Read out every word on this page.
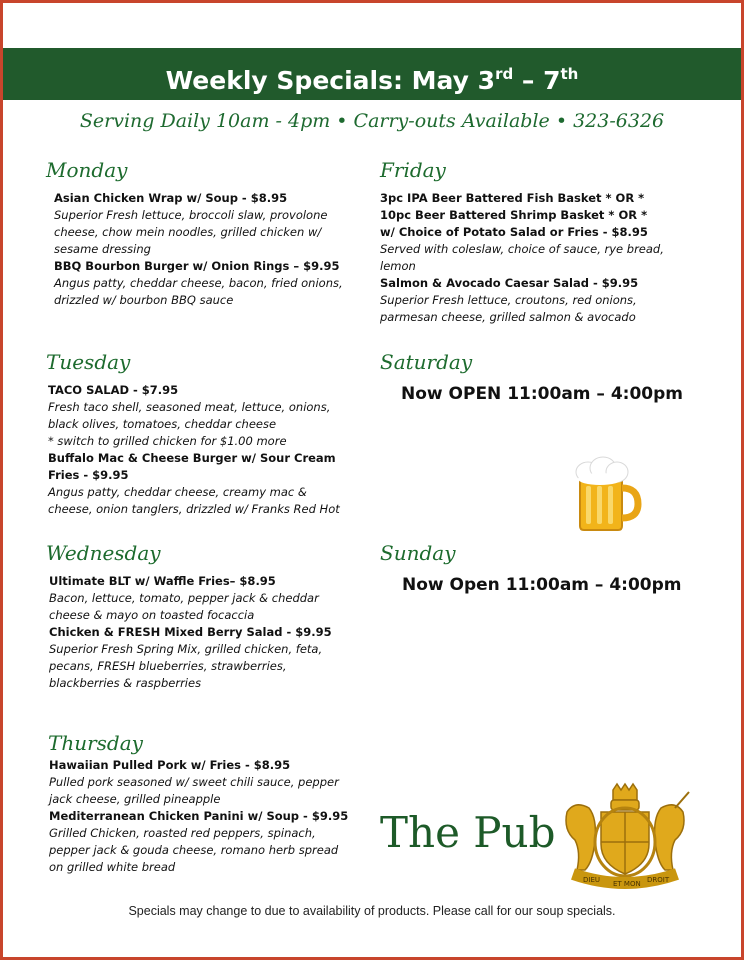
Weekly Specials: May 3rd – 7th
Serving Daily 10am - 4pm • Carry-outs Available • 323-6326
Monday
Asian Chicken Wrap w/ Soup - $8.95
Superior Fresh lettuce, broccoli slaw, provolone cheese, chow mein noodles, grilled chicken w/ sesame dressing
BBQ Bourbon Burger w/ Onion Rings – $9.95
Angus patty, cheddar cheese, bacon, fried onions, drizzled w/ bourbon BBQ sauce
Tuesday
TACO SALAD - $7.95
Fresh taco shell, seasoned meat, lettuce, onions, black olives, tomatoes, cheddar cheese
* switch to grilled chicken for $1.00 more
Buffalo Mac & Cheese Burger w/ Sour Cream Fries - $9.95
Angus patty, cheddar cheese, creamy mac & cheese, onion tanglers, drizzled w/ Franks Red Hot
Wednesday
Ultimate BLT w/ Waffle Fries– $8.95
Bacon, lettuce, tomato, pepper jack & cheddar cheese & mayo on toasted focaccia
Chicken & FRESH Mixed Berry Salad - $9.95
Superior Fresh Spring Mix, grilled chicken, feta, pecans, FRESH blueberries, strawberries, blackberries & raspberries
Thursday
Hawaiian Pulled Pork w/ Fries - $8.95
Pulled pork seasoned w/ sweet chili sauce, pepper jack cheese, grilled pineapple
Mediterranean Chicken Panini w/ Soup - $9.95
Grilled Chicken, roasted red peppers, spinach, pepper jack & gouda cheese, romano herb spread on grilled white bread
Friday
3pc IPA Beer Battered Fish Basket * OR *
10pc Beer Battered Shrimp Basket * OR *
w/ Choice of Potato Salad or Fries - $8.95
Served with coleslaw, choice of sauce, rye bread, lemon
Salmon & Avocado Caesar Salad - $9.95
Superior Fresh lettuce, croutons, red onions, parmesan cheese, grilled salmon & avocado
Saturday
Now OPEN 11:00am – 4:00pm
Sunday
Now Open 11:00am – 4:00pm
The Pub
DIEU ET MON DROIT
Specials may change to due to availability of products. Please call for our soup specials.
